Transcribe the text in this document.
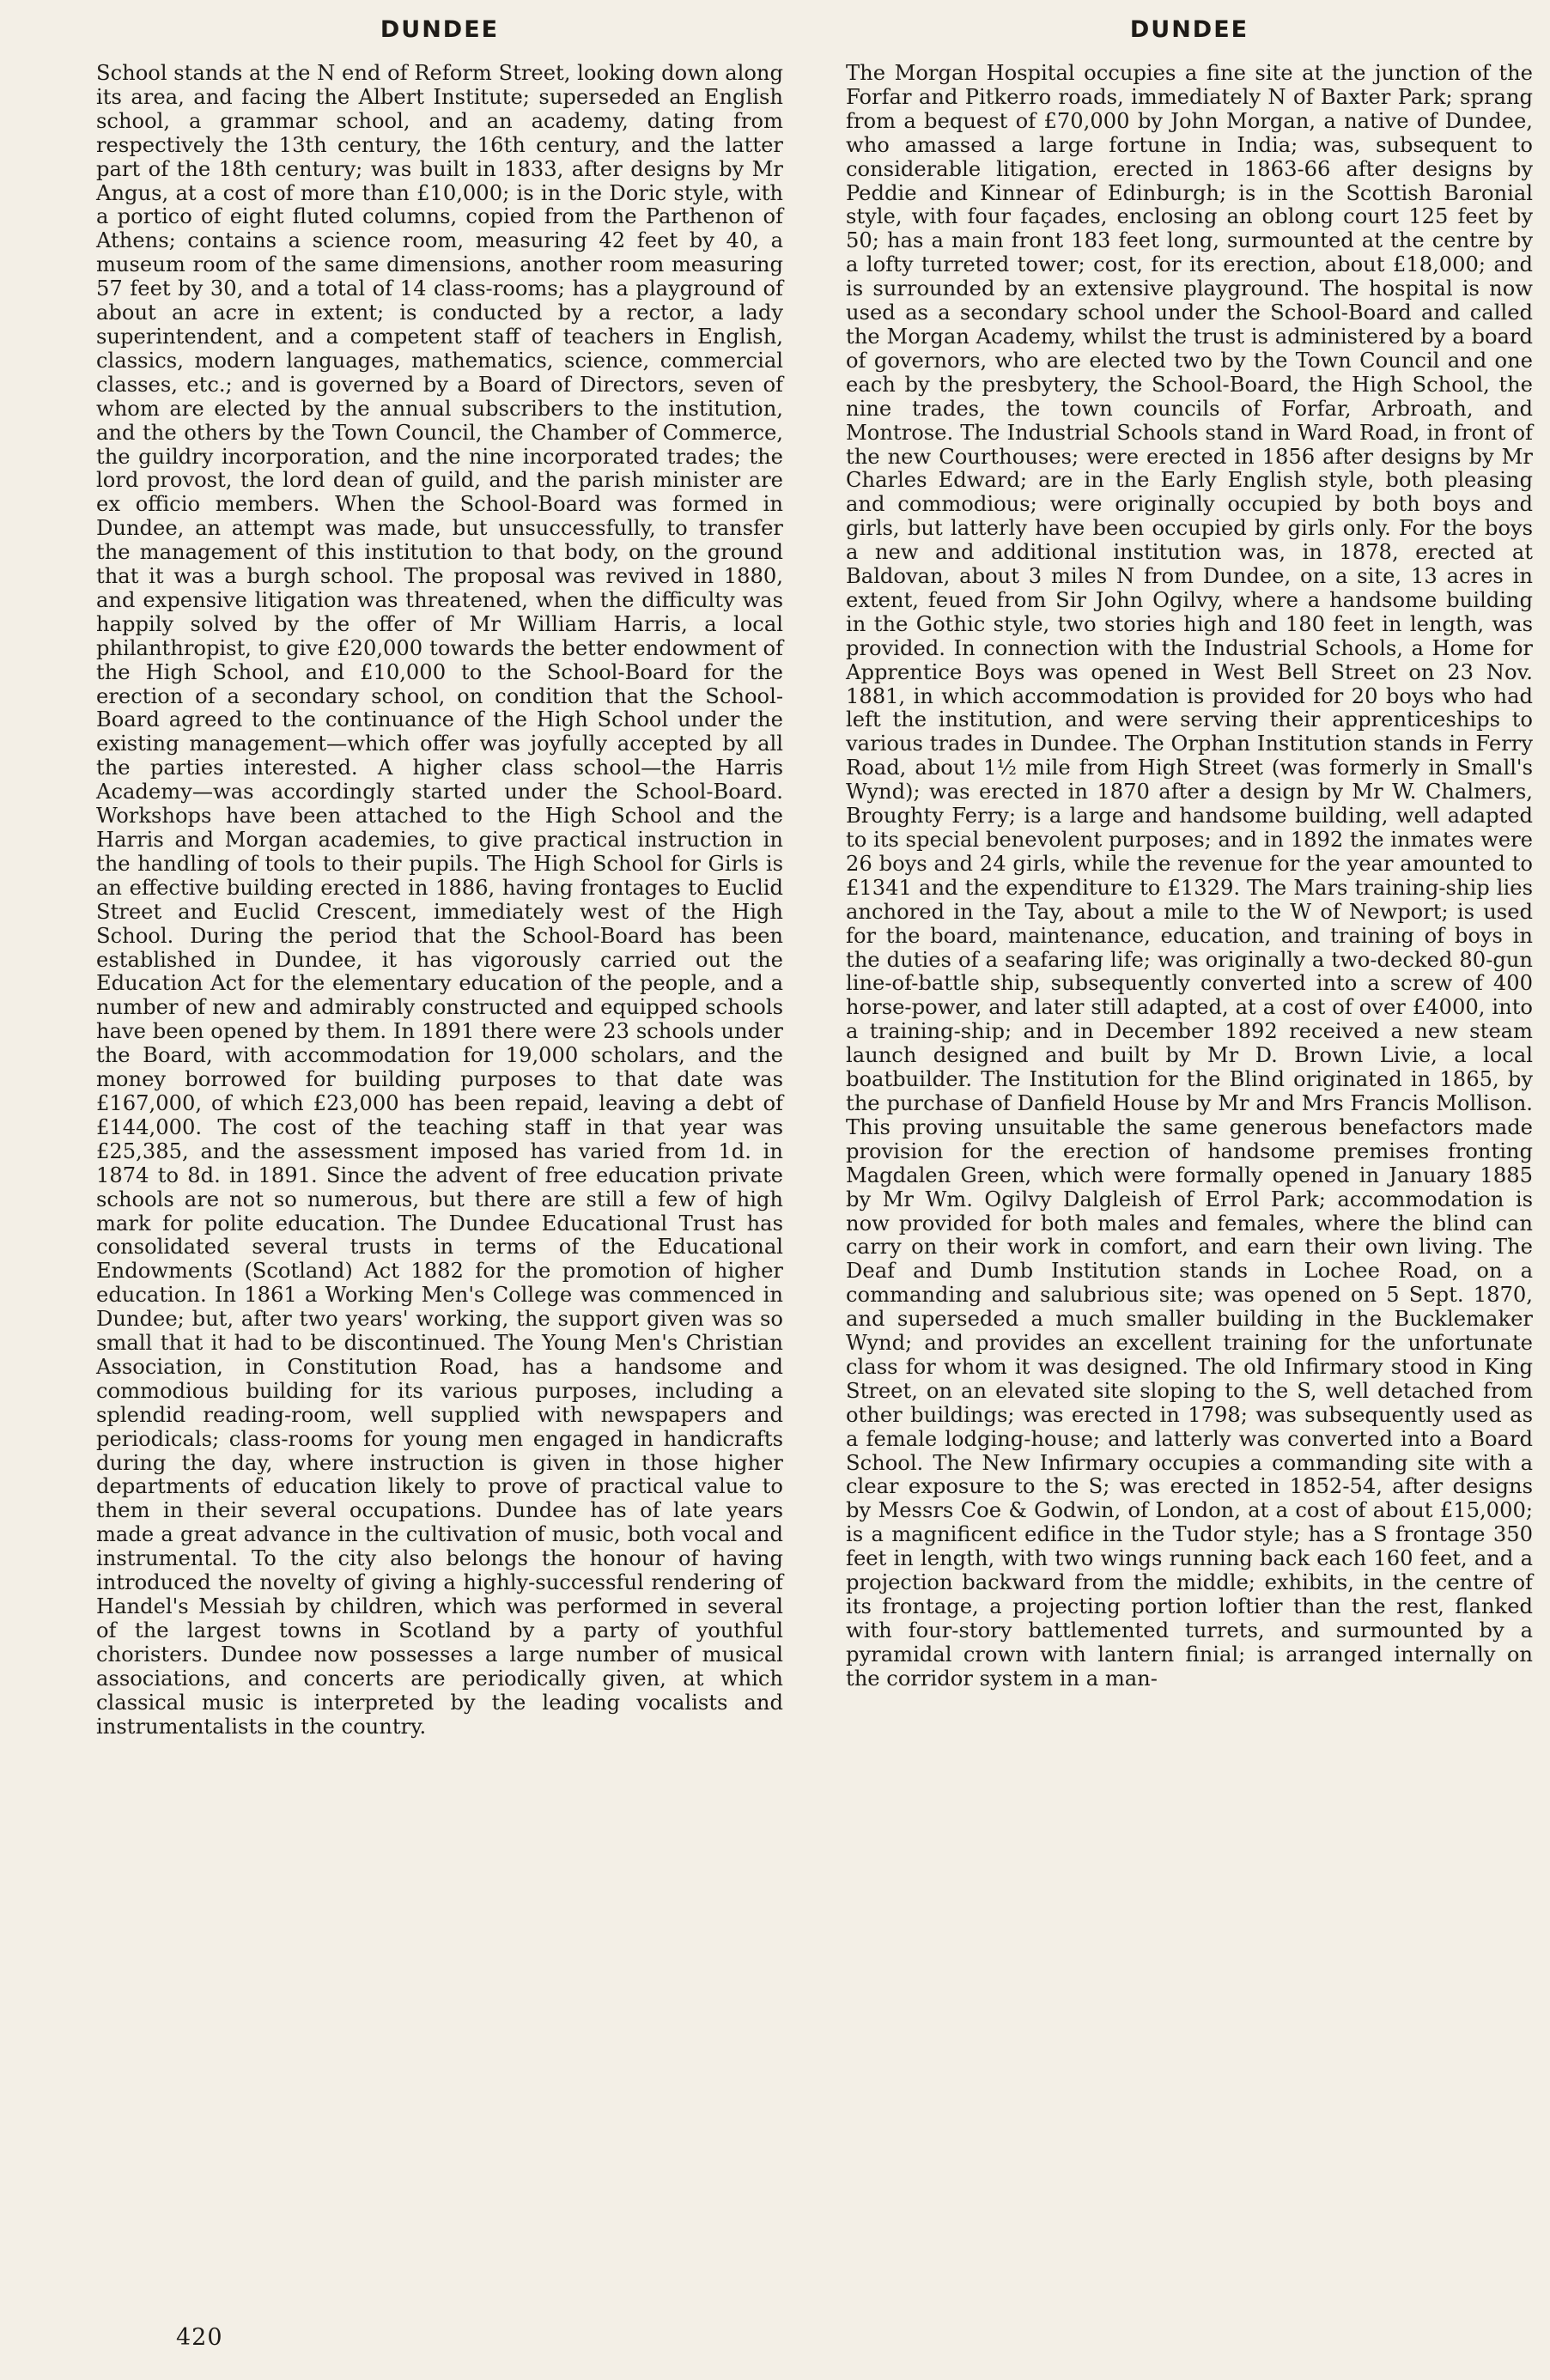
DUNDEE
School stands at the N end of Reform Street, looking down along its area, and facing the Albert Institute; superseded an English school, a grammar school, and an academy, dating from respectively the 13th century, the 16th century, and the latter part of the 18th century; was built in 1833, after designs by Mr Angus, at a cost of more than £10,000; is in the Doric style, with a portico of eight fluted columns, copied from the Parthenon of Athens; contains a science room, measuring 42 feet by 40, a museum room of the same dimensions, another room measuring 57 feet by 30, and a total of 14 class-rooms; has a playground of about an acre in extent; is conducted by a rector, a lady superintendent, and a competent staff of teachers in English, classics, modern languages, mathematics, science, commercial classes, etc.; and is governed by a Board of Directors, seven of whom are elected by the annual subscribers to the institution, and the others by the Town Council, the Chamber of Commerce, the guildry incorporation, and the nine incorporated trades; the lord provost, the lord dean of guild, and the parish minister are ex officio members. When the School-Board was formed in Dundee, an attempt was made, but unsuccessfully, to transfer the management of this institution to that body, on the ground that it was a burgh school. The proposal was revived in 1880, and expensive litigation was threatened, when the difficulty was happily solved by the offer of Mr William Harris, a local philanthropist, to give £20,000 towards the better endowment of the High School, and £10,000 to the School-Board for the erection of a secondary school, on condition that the School-Board agreed to the continuance of the High School under the existing management—which offer was joyfully accepted by all the parties interested. A higher class school—the Harris Academy—was accordingly started under the School-Board. Workshops have been attached to the High School and the Harris and Morgan academies, to give practical instruction in the handling of tools to their pupils. The High School for Girls is an effective building erected in 1886, having frontages to Euclid Street and Euclid Crescent, immediately west of the High School. During the period that the School-Board has been established in Dundee, it has vigorously carried out the Education Act for the elementary education of the people, and a number of new and admirably constructed and equipped schools have been opened by them. In 1891 there were 23 schools under the Board, with accommodation for 19,000 scholars, and the money borrowed for building purposes to that date was £167,000, of which £23,000 has been repaid, leaving a debt of £144,000. The cost of the teaching staff in that year was £25,385, and the assessment imposed has varied from 1d. in 1874 to 8d. in 1891. Since the advent of free education private schools are not so numerous, but there are still a few of high mark for polite education. The Dundee Educational Trust has consolidated several trusts in terms of the Educational Endowments (Scotland) Act 1882 for the promotion of higher education. In 1861 a Working Men's College was commenced in Dundee; but, after two years' working, the support given was so small that it had to be discontinued. The Young Men's Christian Association, in Constitution Road, has a handsome and commodious building for its various purposes, including a splendid reading-room, well supplied with newspapers and periodicals; class-rooms for young men engaged in handicrafts during the day, where instruction is given in those higher departments of education likely to prove of practical value to them in their several occupations. Dundee has of late years made a great advance in the cultivation of music, both vocal and instrumental. To the city also belongs the honour of having introduced the novelty of giving a highly-successful rendering of Handel's Messiah by children, which was performed in several of the largest towns in Scotland by a party of youthful choristers. Dundee now possesses a large number of musical associations, and concerts are periodically given, at which classical music is interpreted by the leading vocalists and instrumentalists in the country.
DUNDEE
The Morgan Hospital occupies a fine site at the junction of the Forfar and Pitkerro roads, immediately N of Baxter Park; sprang from a bequest of £70,000 by John Morgan, a native of Dundee, who amassed a large fortune in India; was, subsequent to considerable litigation, erected in 1863-66 after designs by Peddie and Kinnear of Edinburgh; is in the Scottish Baronial style, with four façades, enclosing an oblong court 125 feet by 50; has a main front 183 feet long, surmounted at the centre by a lofty turreted tower; cost, for its erection, about £18,000; and is surrounded by an extensive playground. The hospital is now used as a secondary school under the School-Board and called the Morgan Academy, whilst the trust is administered by a board of governors, who are elected two by the Town Council and one each by the presbytery, the School-Board, the High School, the nine trades, the town councils of Forfar, Arbroath, and Montrose. The Industrial Schools stand in Ward Road, in front of the new Courthouses; were erected in 1856 after designs by Mr Charles Edward; are in the Early English style, both pleasing and commodious; were originally occupied by both boys and girls, but latterly have been occupied by girls only. For the boys a new and additional institution was, in 1878, erected at Baldovan, about 3 miles N from Dundee, on a site, 13 acres in extent, feued from Sir John Ogilvy, where a handsome building in the Gothic style, two stories high and 180 feet in length, was provided. In connection with the Industrial Schools, a Home for Apprentice Boys was opened in West Bell Street on 23 Nov. 1881, in which accommodation is provided for 20 boys who had left the institution, and were serving their apprenticeships to various trades in Dundee. The Orphan Institution stands in Ferry Road, about 1½ mile from High Street (was formerly in Small's Wynd); was erected in 1870 after a design by Mr W. Chalmers, Broughty Ferry; is a large and handsome building, well adapted to its special benevolent purposes; and in 1892 the inmates were 26 boys and 24 girls, while the revenue for the year amounted to £1341 and the expenditure to £1329. The Mars training-ship lies anchored in the Tay, about a mile to the W of Newport; is used for the board, maintenance, education, and training of boys in the duties of a seafaring life; was originally a two-decked 80-gun line-of-battle ship, subsequently converted into a screw of 400 horse-power, and later still adapted, at a cost of over £4000, into a training-ship; and in December 1892 received a new steam launch designed and built by Mr D. Brown Livie, a local boatbuilder. The Institution for the Blind originated in 1865, by the purchase of Danfield House by Mr and Mrs Francis Mollison. This proving unsuitable the same generous benefactors made provision for the erection of handsome premises fronting Magdalen Green, which were formally opened in January 1885 by Mr Wm. Ogilvy Dalgleish of Errol Park; accommodation is now provided for both males and females, where the blind can carry on their work in comfort, and earn their own living. The Deaf and Dumb Institution stands in Lochee Road, on a commanding and salubrious site; was opened on 5 Sept. 1870, and superseded a much smaller building in the Bucklemaker Wynd; and provides an excellent training for the unfortunate class for whom it was designed. The old Infirmary stood in King Street, on an elevated site sloping to the S, well detached from other buildings; was erected in 1798; was subsequently used as a female lodging-house; and latterly was converted into a Board School. The New Infirmary occupies a commanding site with a clear exposure to the S; was erected in 1852-54, after designs by Messrs Coe & Godwin, of London, at a cost of about £15,000; is a magnificent edifice in the Tudor style; has a S frontage 350 feet in length, with two wings running back each 160 feet, and a projection backward from the middle; exhibits, in the centre of its frontage, a projecting portion loftier than the rest, flanked with four-story battlemented turrets, and surmounted by a pyramidal crown with lantern finial; is arranged internally on the corridor system in a man-
420
